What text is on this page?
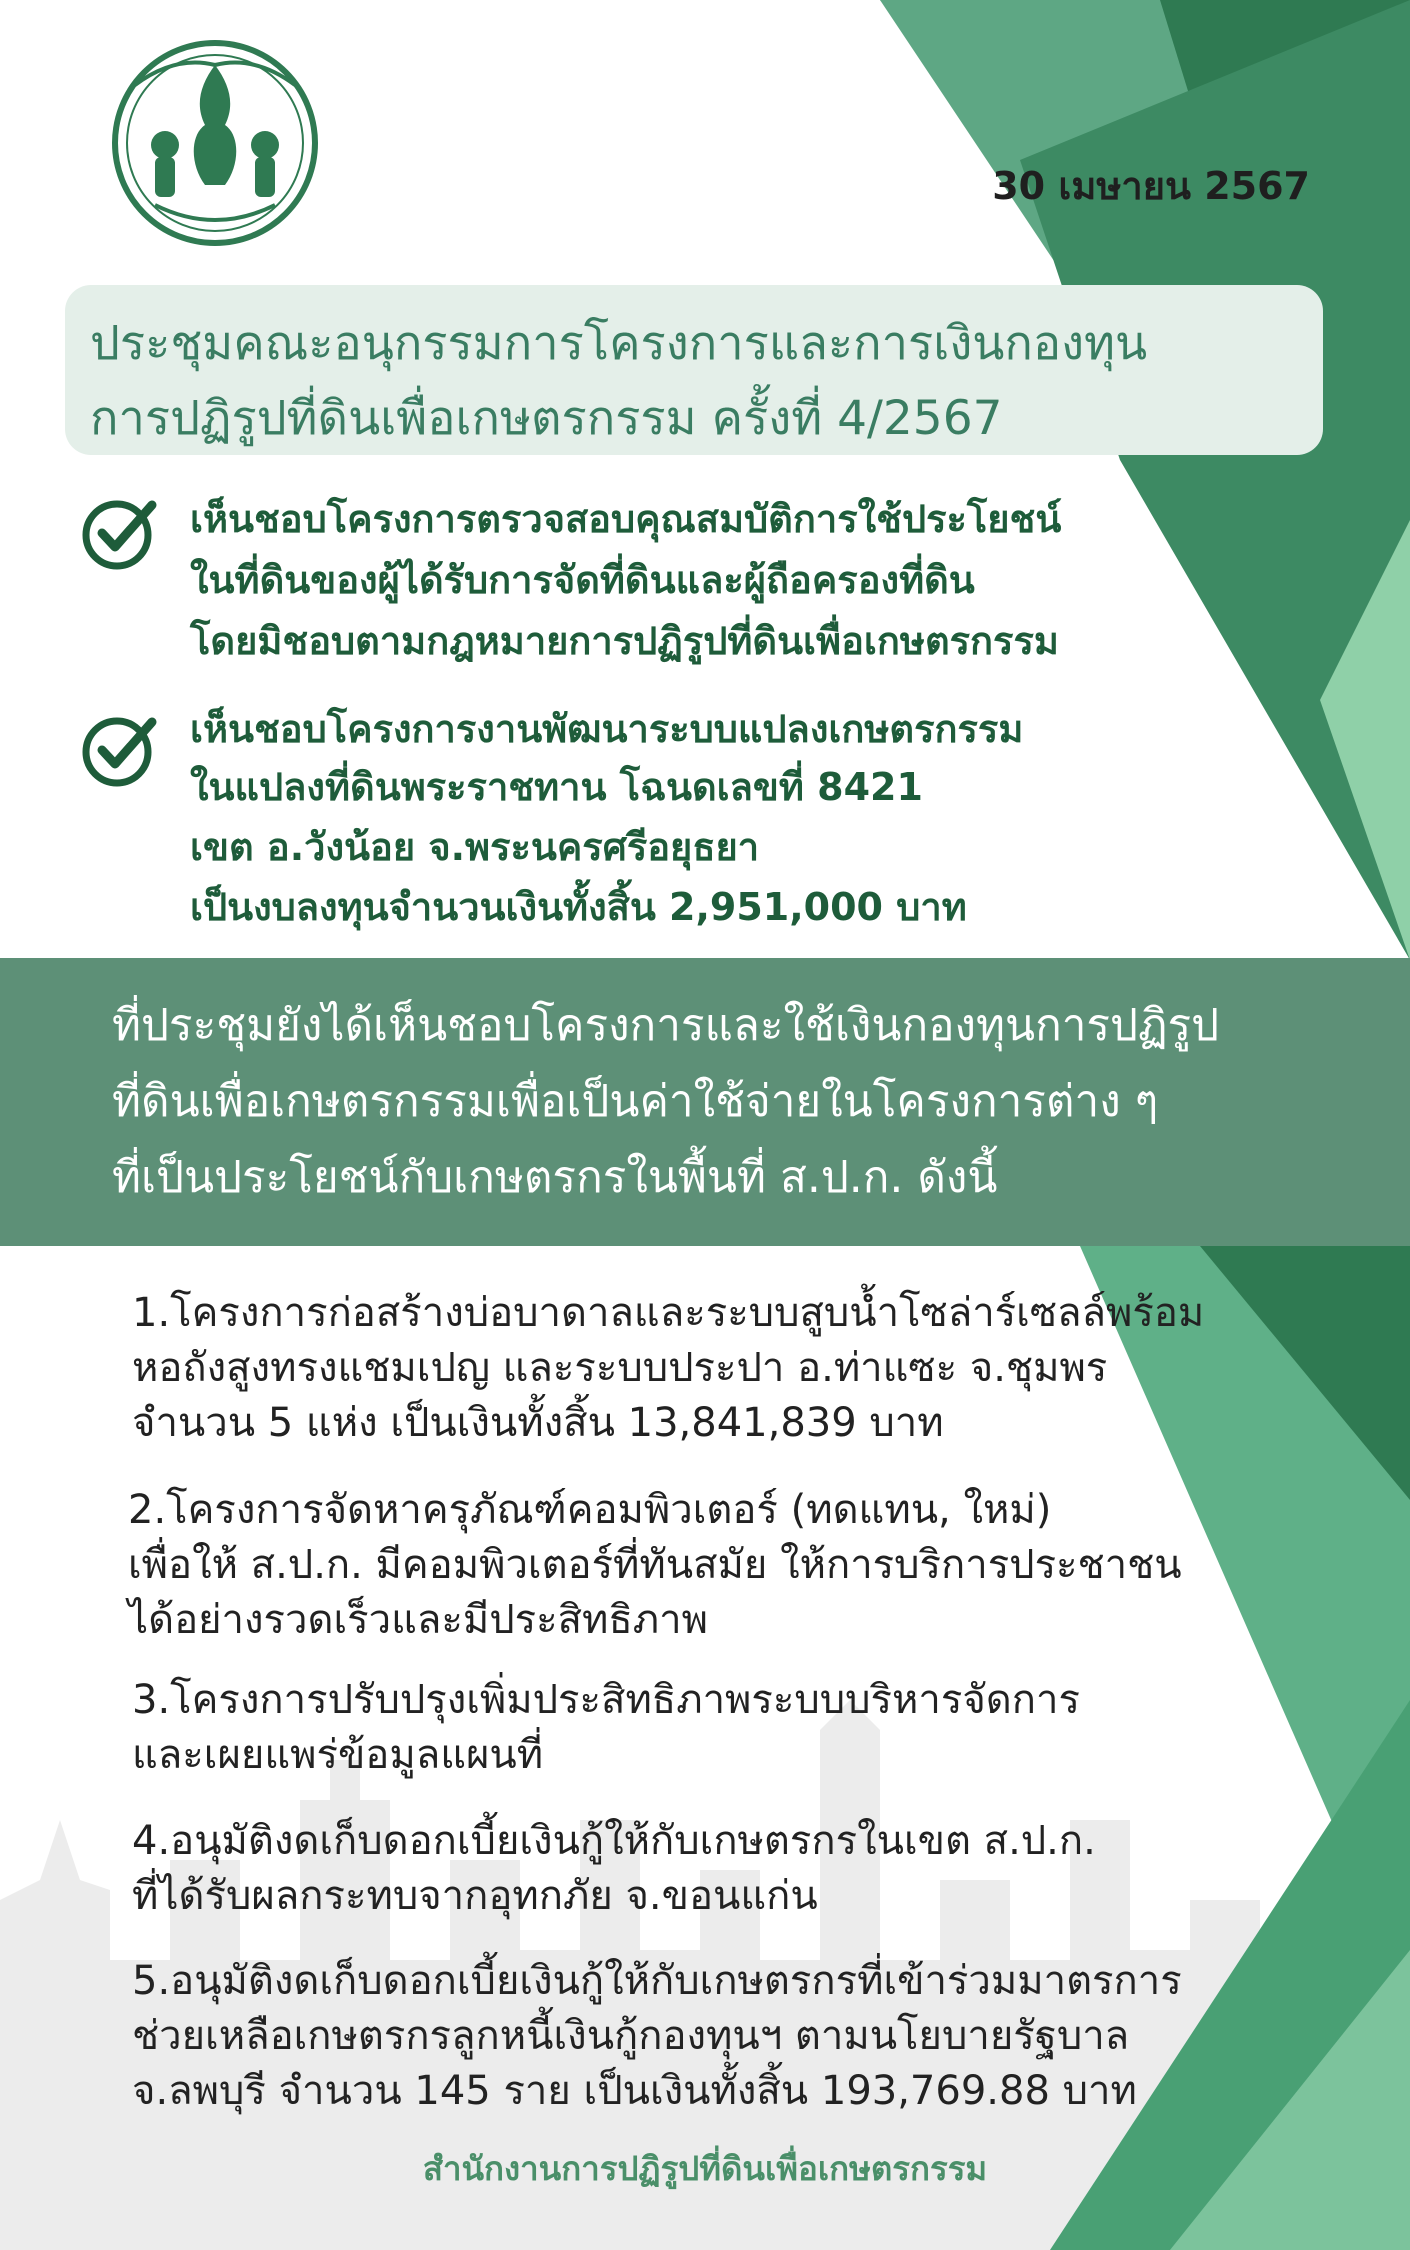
30 เมษายน 2567
ประชุมคณะอนุกรรมการโครงการและการเงินกองทุน
การปฏิรูปที่ดินเพื่อเกษตรกรรม ครั้งที่ 4/2567
เห็นชอบโครงการตรวจสอบคุณสมบัติการใช้ประโยชน์
ในที่ดินของผู้ได้รับการจัดที่ดินและผู้ถือครองที่ดิน
โดยมิชอบตามกฎหมายการปฏิรูปที่ดินเพื่อเกษตรกรรม
เห็นชอบโครงการงานพัฒนาระบบแปลงเกษตรกรรม
ในแปลงที่ดินพระราชทาน โฉนดเลขที่ 8421
เขต อ.วังน้อย จ.พระนครศรีอยุธยา
เป็นงบลงทุนจำนวนเงินทั้งสิ้น 2,951,000 บาท
ที่ประชุมยังได้เห็นชอบโครงการและใช้เงินกองทุนการปฏิรูป
ที่ดินเพื่อเกษตรกรรมเพื่อเป็นค่าใช้จ่ายในโครงการต่าง ๆ
ที่เป็นประโยชน์กับเกษตรกรในพื้นที่ ส.ป.ก. ดังนี้
1.โครงการก่อสร้างบ่อบาดาลและระบบสูบน้ำโซล่าร์เซลล์พร้อม
หอถังสูงทรงแชมเปญ และระบบประปา อ.ท่าแซะ จ.ชุมพร
จำนวน 5 แห่ง เป็นเงินทั้งสิ้น 13,841,839 บาท
2.โครงการจัดหาครุภัณฑ์คอมพิวเตอร์ (ทดแทน, ใหม่)
เพื่อให้ ส.ป.ก. มีคอมพิวเตอร์ที่ทันสมัย ให้การบริการประชาชน
ได้อย่างรวดเร็วและมีประสิทธิภาพ
3.โครงการปรับปรุงเพิ่มประสิทธิภาพระบบบริหารจัดการ
และเผยแพร่ข้อมูลแผนที่
4.อนุมัติงดเก็บดอกเบี้ยเงินกู้ให้กับเกษตรกรในเขต ส.ป.ก.
ที่ได้รับผลกระทบจากอุทกภัย จ.ขอนแก่น
5.อนุมัติงดเก็บดอกเบี้ยเงินกู้ให้กับเกษตรกรที่เข้าร่วมมาตรการ
ช่วยเหลือเกษตรกรลูกหนี้เงินกู้กองทุนฯ ตามนโยบายรัฐบาล
จ.ลพบุรี จำนวน 145 ราย เป็นเงินทั้งสิ้น 193,769.88 บาท
สำนักงานการปฏิรูปที่ดินเพื่อเกษตรกรรม
